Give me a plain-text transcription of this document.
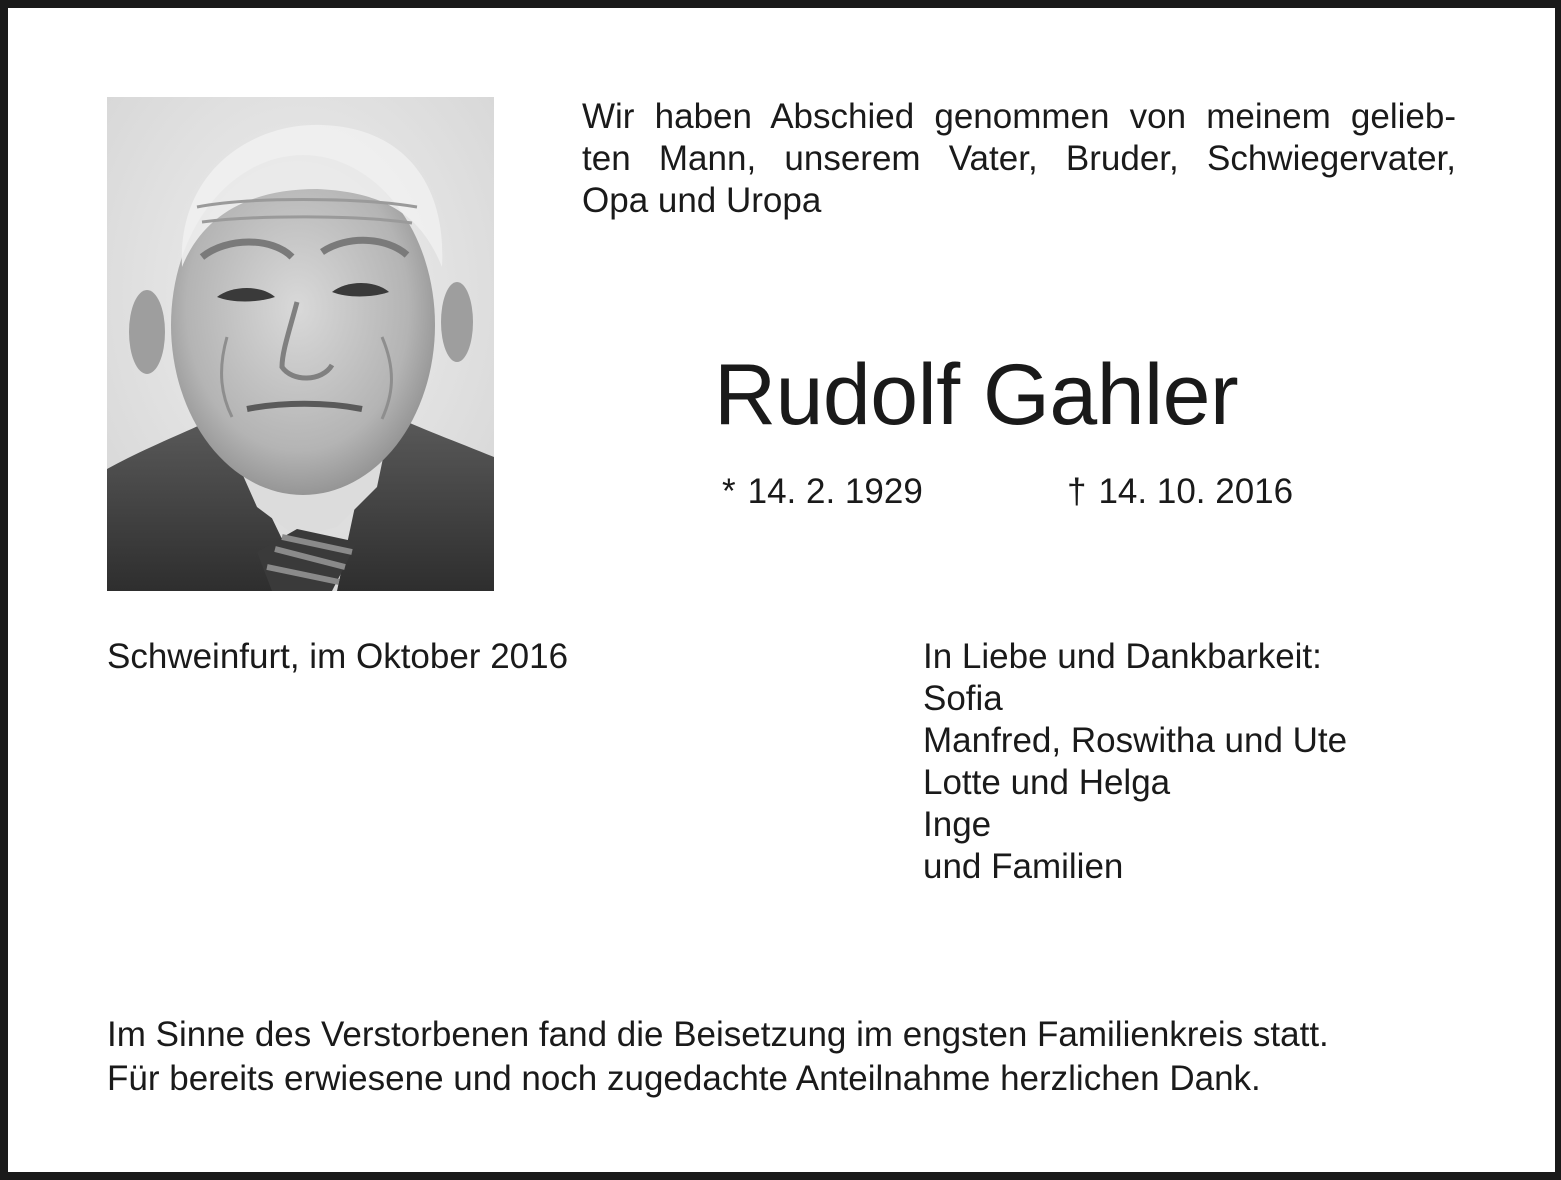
Wir haben Abschied genommen von meinem gelieb-
ten Mann, unserem Vater, Bruder, Schwiegervater,
Opa und Uropa

Rudolf Gahler
* 14. 2. 1929	† 14. 10. 2016
Schweinfurt, im Oktober 2016	In Liebe und Dankbarkeit:
Sofia
Manfred, Roswitha und Ute
Lotte und Helga
Inge
und Familien
Im Sinne des Verstorbenen fand die Beisetzung im engsten Familienkreis statt.
Für bereits erwiesene und noch zugedachte Anteilnahme herzlichen Dank.
